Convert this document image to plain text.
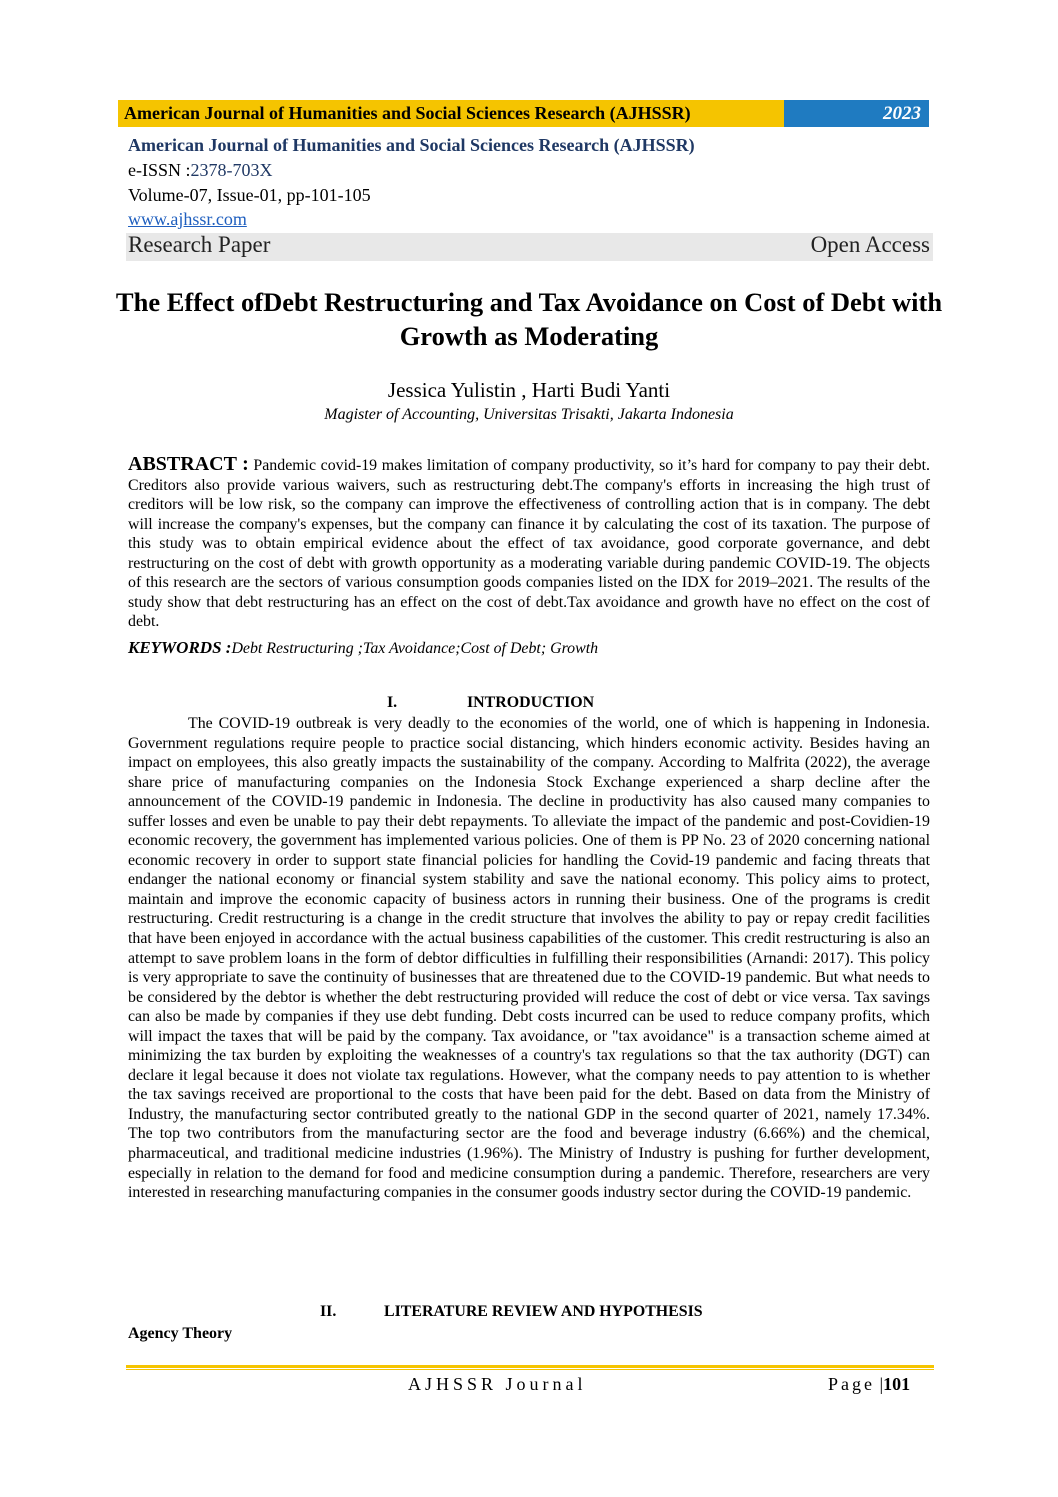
American Journal of Humanities and Social Sciences Research (AJHSSR)	2023
American Journal of Humanities and Social Sciences Research (AJHSSR)
e-ISSN :2378-703X
Volume-07, Issue-01, pp-101-105
www.ajhssr.com
Research Paper	Open Access
The Effect ofDebt Restructuring and Tax Avoidance on Cost of Debt with Growth as Moderating
Jessica Yulistin , Harti Budi Yanti
Magister of Accounting, Universitas Trisakti, Jakarta Indonesia
ABSTRACT : Pandemic covid-19 makes limitation of company productivity, so it’s hard for company to pay their debt. Creditors also provide various waivers, such as restructuring debt.The company's efforts in increasing the high trust of creditors will be low risk, so the company can improve the effectiveness of controlling action that is in company. The debt will increase the company's expenses, but the company can finance it by calculating the cost of its taxation. The purpose of this study was to obtain empirical evidence about the effect of tax avoidance, good corporate governance, and debt restructuring on the cost of debt with growth opportunity as a moderating variable during pandemic COVID-19. The objects of this research are the sectors of various consumption goods companies listed on the IDX for 2019–2021. The results of the study show that debt restructuring has an effect on the cost of debt.Tax avoidance and growth have no effect on the cost of debt.
KEYWORDS :Debt Restructuring ;Tax Avoidance;Cost of Debt; Growth
I.	INTRODUCTION
The COVID-19 outbreak is very deadly to the economies of the world, one of which is happening in Indonesia. Government regulations require people to practice social distancing, which hinders economic activity. Besides having an impact on employees, this also greatly impacts the sustainability of the company. According to Malfrita (2022), the average share price of manufacturing companies on the Indonesia Stock Exchange experienced a sharp decline after the announcement of the COVID-19 pandemic in Indonesia. The decline in productivity has also caused many companies to suffer losses and even be unable to pay their debt repayments. To alleviate the impact of the pandemic and post-Covidien-19 economic recovery, the government has implemented various policies. One of them is PP No. 23 of 2020 concerning national economic recovery in order to support state financial policies for handling the Covid-19 pandemic and facing threats that endanger the national economy or financial system stability and save the national economy. This policy aims to protect, maintain and improve the economic capacity of business actors in running their business. One of the programs is credit restructuring. Credit restructuring is a change in the credit structure that involves the ability to pay or repay credit facilities that have been enjoyed in accordance with the actual business capabilities of the customer. This credit restructuring is also an attempt to save problem loans in the form of debtor difficulties in fulfilling their responsibilities (Arnandi: 2017). This policy is very appropriate to save the continuity of businesses that are threatened due to the COVID-19 pandemic. But what needs to be considered by the debtor is whether the debt restructuring provided will reduce the cost of debt or vice versa. Tax savings can also be made by companies if they use debt funding. Debt costs incurred can be used to reduce company profits, which will impact the taxes that will be paid by the company. Tax avoidance, or "tax avoidance" is a transaction scheme aimed at minimizing the tax burden by exploiting the weaknesses of a country's tax regulations so that the tax authority (DGT) can declare it legal because it does not violate tax regulations. However, what the company needs to pay attention to is whether the tax savings received are proportional to the costs that have been paid for the debt. Based on data from the Ministry of Industry, the manufacturing sector contributed greatly to the national GDP in the second quarter of 2021, namely 17.34%. The top two contributors from the manufacturing sector are the food and beverage industry (6.66%) and the chemical, pharmaceutical, and traditional medicine industries (1.96%). The Ministry of Industry is pushing for further development, especially in relation to the demand for food and medicine consumption during a pandemic. Therefore, researchers are very interested in researching manufacturing companies in the consumer goods industry sector during the COVID-19 pandemic.
II.	LITERATURE REVIEW AND HYPOTHESIS
Agency Theory
AJHSSR Journal	Page |101
